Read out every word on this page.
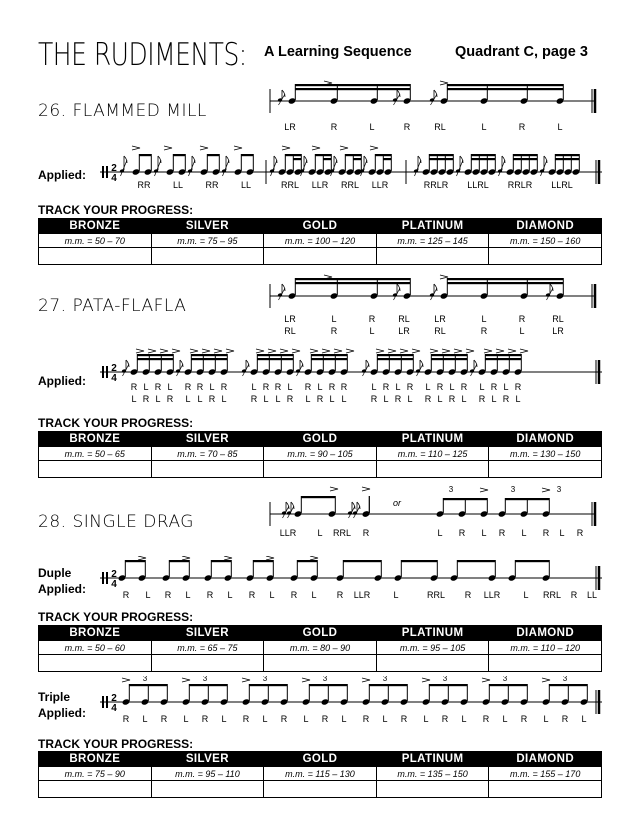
THE RUDIMENTS: A Learning Sequence	Quadrant C, page 3
26. FLAMMED MILL
LR	R	L	R	RL	L	R	L
Applied:	2
4
RR LL RR LL	RRL LLR RRL LLR	RRLR LLRL RRLR LLRL
TRACK YOUR PROGRESS:
BRONZE	SILVER	GOLD	PLATINUM	DIAMOND
m.m. = 50 – 70	m.m. = 75 – 95	m.m. = 100 – 120	m.m. = 125 – 145	m.m. = 150 – 160

27. PATA-FLAFLA
LR	L	R	RL	LR	L	R	RL
RL	R	L	LR	RL	R	L	LR
Applied:
2
4
R
L
L
R
R
L
L
R
R
L
R
L
L
R
R
L
L
R
R
L
R
L
L
R
R
L
L
R
R
L
R
L
L
R
R
L
L
R
R
L
L
R
R
L
L
R
R
L
L
R
R
L
L
R
R
L
TRACK YOUR PROGRESS:
BRONZE	SILVER	GOLD	PLATINUM	DIAMOND
m.m. = 50 – 65	m.m. = 70 – 85	m.m. = 90 – 105	m.m. = 110 – 125	m.m. = 130 – 150

28. SINGLE DRAG
or
3	3	3
LLR L RRL R	L R L R L R L R
Duple
Applied:
2
4
R L R L R L R L R L R LLR	L	RRL R LLR	L RRL R LL
TRACK YOUR PROGRESS:
BRONZE	SILVER	GOLD	PLATINUM	DIAMOND
m.m. = 50 – 60	m.m. = 65 – 75	m.m. = 80 – 90	m.m. = 95 – 105	m.m. = 110 – 120

Triple
Applied:
2
4
3	3	3	3	3	3	3	3
R L R L R L R L R L R L R L R L R L R L R L R L
TRACK YOUR PROGRESS:
BRONZE	SILVER	GOLD	PLATINUM	DIAMOND
m.m. = 75 – 90	m.m. = 95 – 110	m.m. = 115 – 130	m.m. = 135 – 150	m.m. = 155 – 170
